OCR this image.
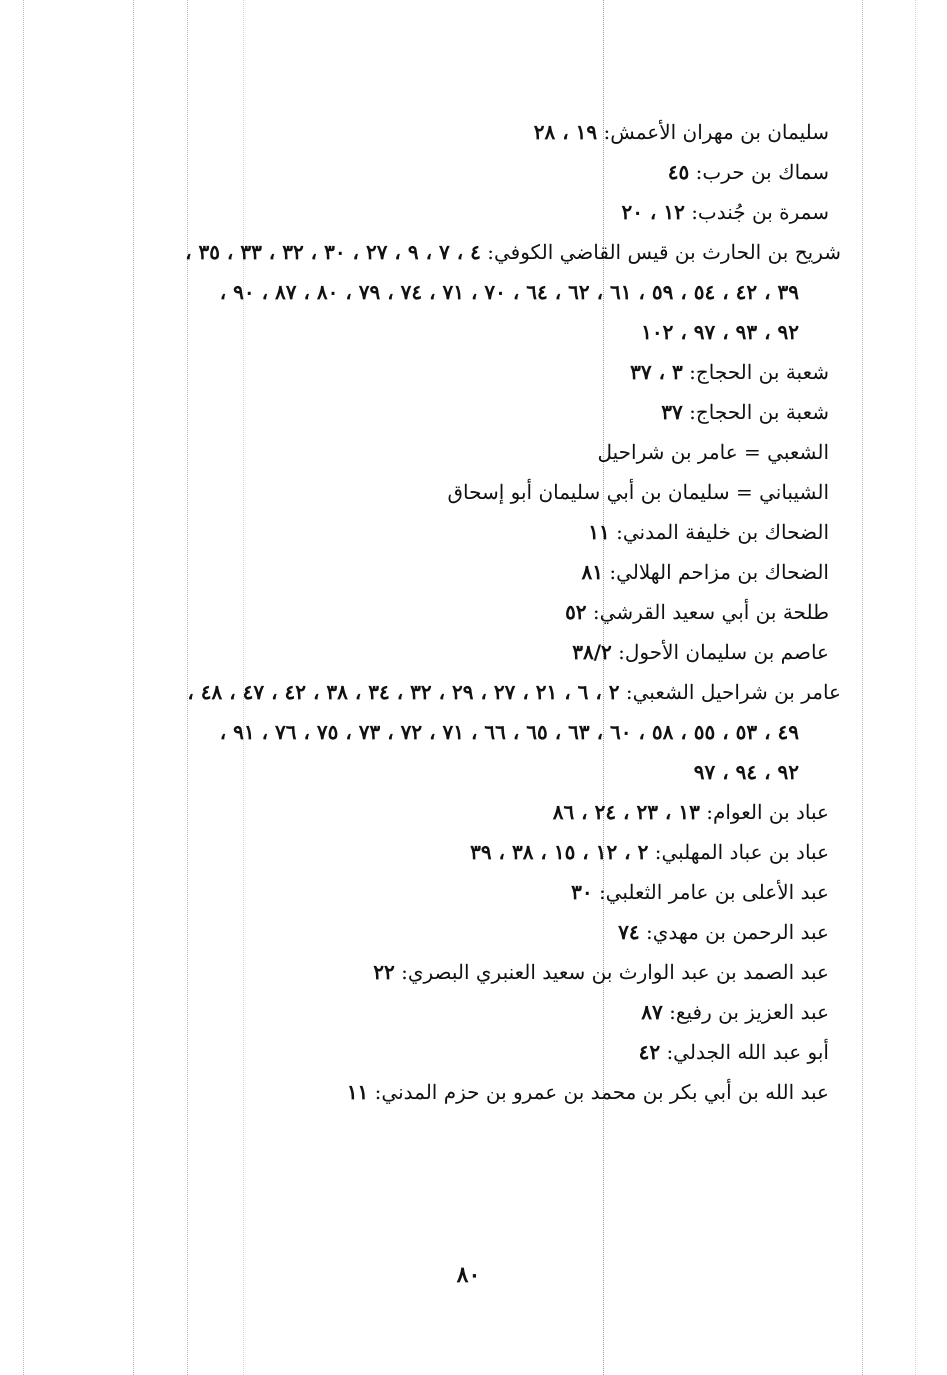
سليمان بن مهران الأعمش: ١٩ ، ٢٨
سماك بن حرب: ٤٥
سمرة بن جُندب: ١٢ ، ٢٠
شريح بن الحارث بن قيس القاضي الكوفي: ٤ ، ٧ ، ٩ ، ٢٧ ، ٣٠ ، ٣٢ ، ٣٣ ، ٣٥ ،
٣٩ ، ٤٢ ، ٥٤ ، ٥٩ ، ٦١ ، ٦٢ ، ٦٤ ، ٧٠ ، ٧١ ، ٧٤ ، ٧٩ ، ٨٠ ، ٨٧ ، ٩٠ ،
٩٢ ، ٩٣ ، ٩٧ ، ١٠٢
شعبة بن الحجاج: ٣ ، ٣٧
شعبة بن الحجاج: ٣٧
الشعبي = عامر بن شراحيل
الشيباني = سليمان بن أبي سليمان أبو إسحاق
الضحاك بن خليفة المدني: ١١
الضحاك بن مزاحم الهلالي: ٨١
طلحة بن أبي سعيد القرشي: ٥٢
عاصم بن سليمان الأحول: ٣٨/٢
عامر بن شراحيل الشعبي: ٢ ، ٦ ، ٢١ ، ٢٧ ، ٢٩ ، ٣٢ ، ٣٤ ، ٣٨ ، ٤٢ ، ٤٧ ، ٤٨ ،
٤٩ ، ٥٣ ، ٥٥ ، ٥٨ ، ٦٠ ، ٦٣ ، ٦٥ ، ٦٦ ، ٧١ ، ٧٢ ، ٧٣ ، ٧٥ ، ٧٦ ، ٩١ ،
٩٢ ، ٩٤ ، ٩٧
عباد بن العوام: ١٣ ، ٢٣ ، ٢٤ ، ٨٦
عباد بن عباد المهلبي: ٢ ، ١٢ ، ١٥ ، ٣٨ ، ٣٩
عبد الأعلى بن عامر الثعلبي: ٣٠
عبد الرحمن بن مهدي: ٧٤
عبد الصمد بن عبد الوارث بن سعيد العنبري البصري: ٢٢
عبد العزيز بن رفيع: ٨٧
أبو عبد الله الجدلي: ٤٢
عبد الله بن أبي بكر بن محمد بن عمرو بن حزم المدني: ١١
٨٠
